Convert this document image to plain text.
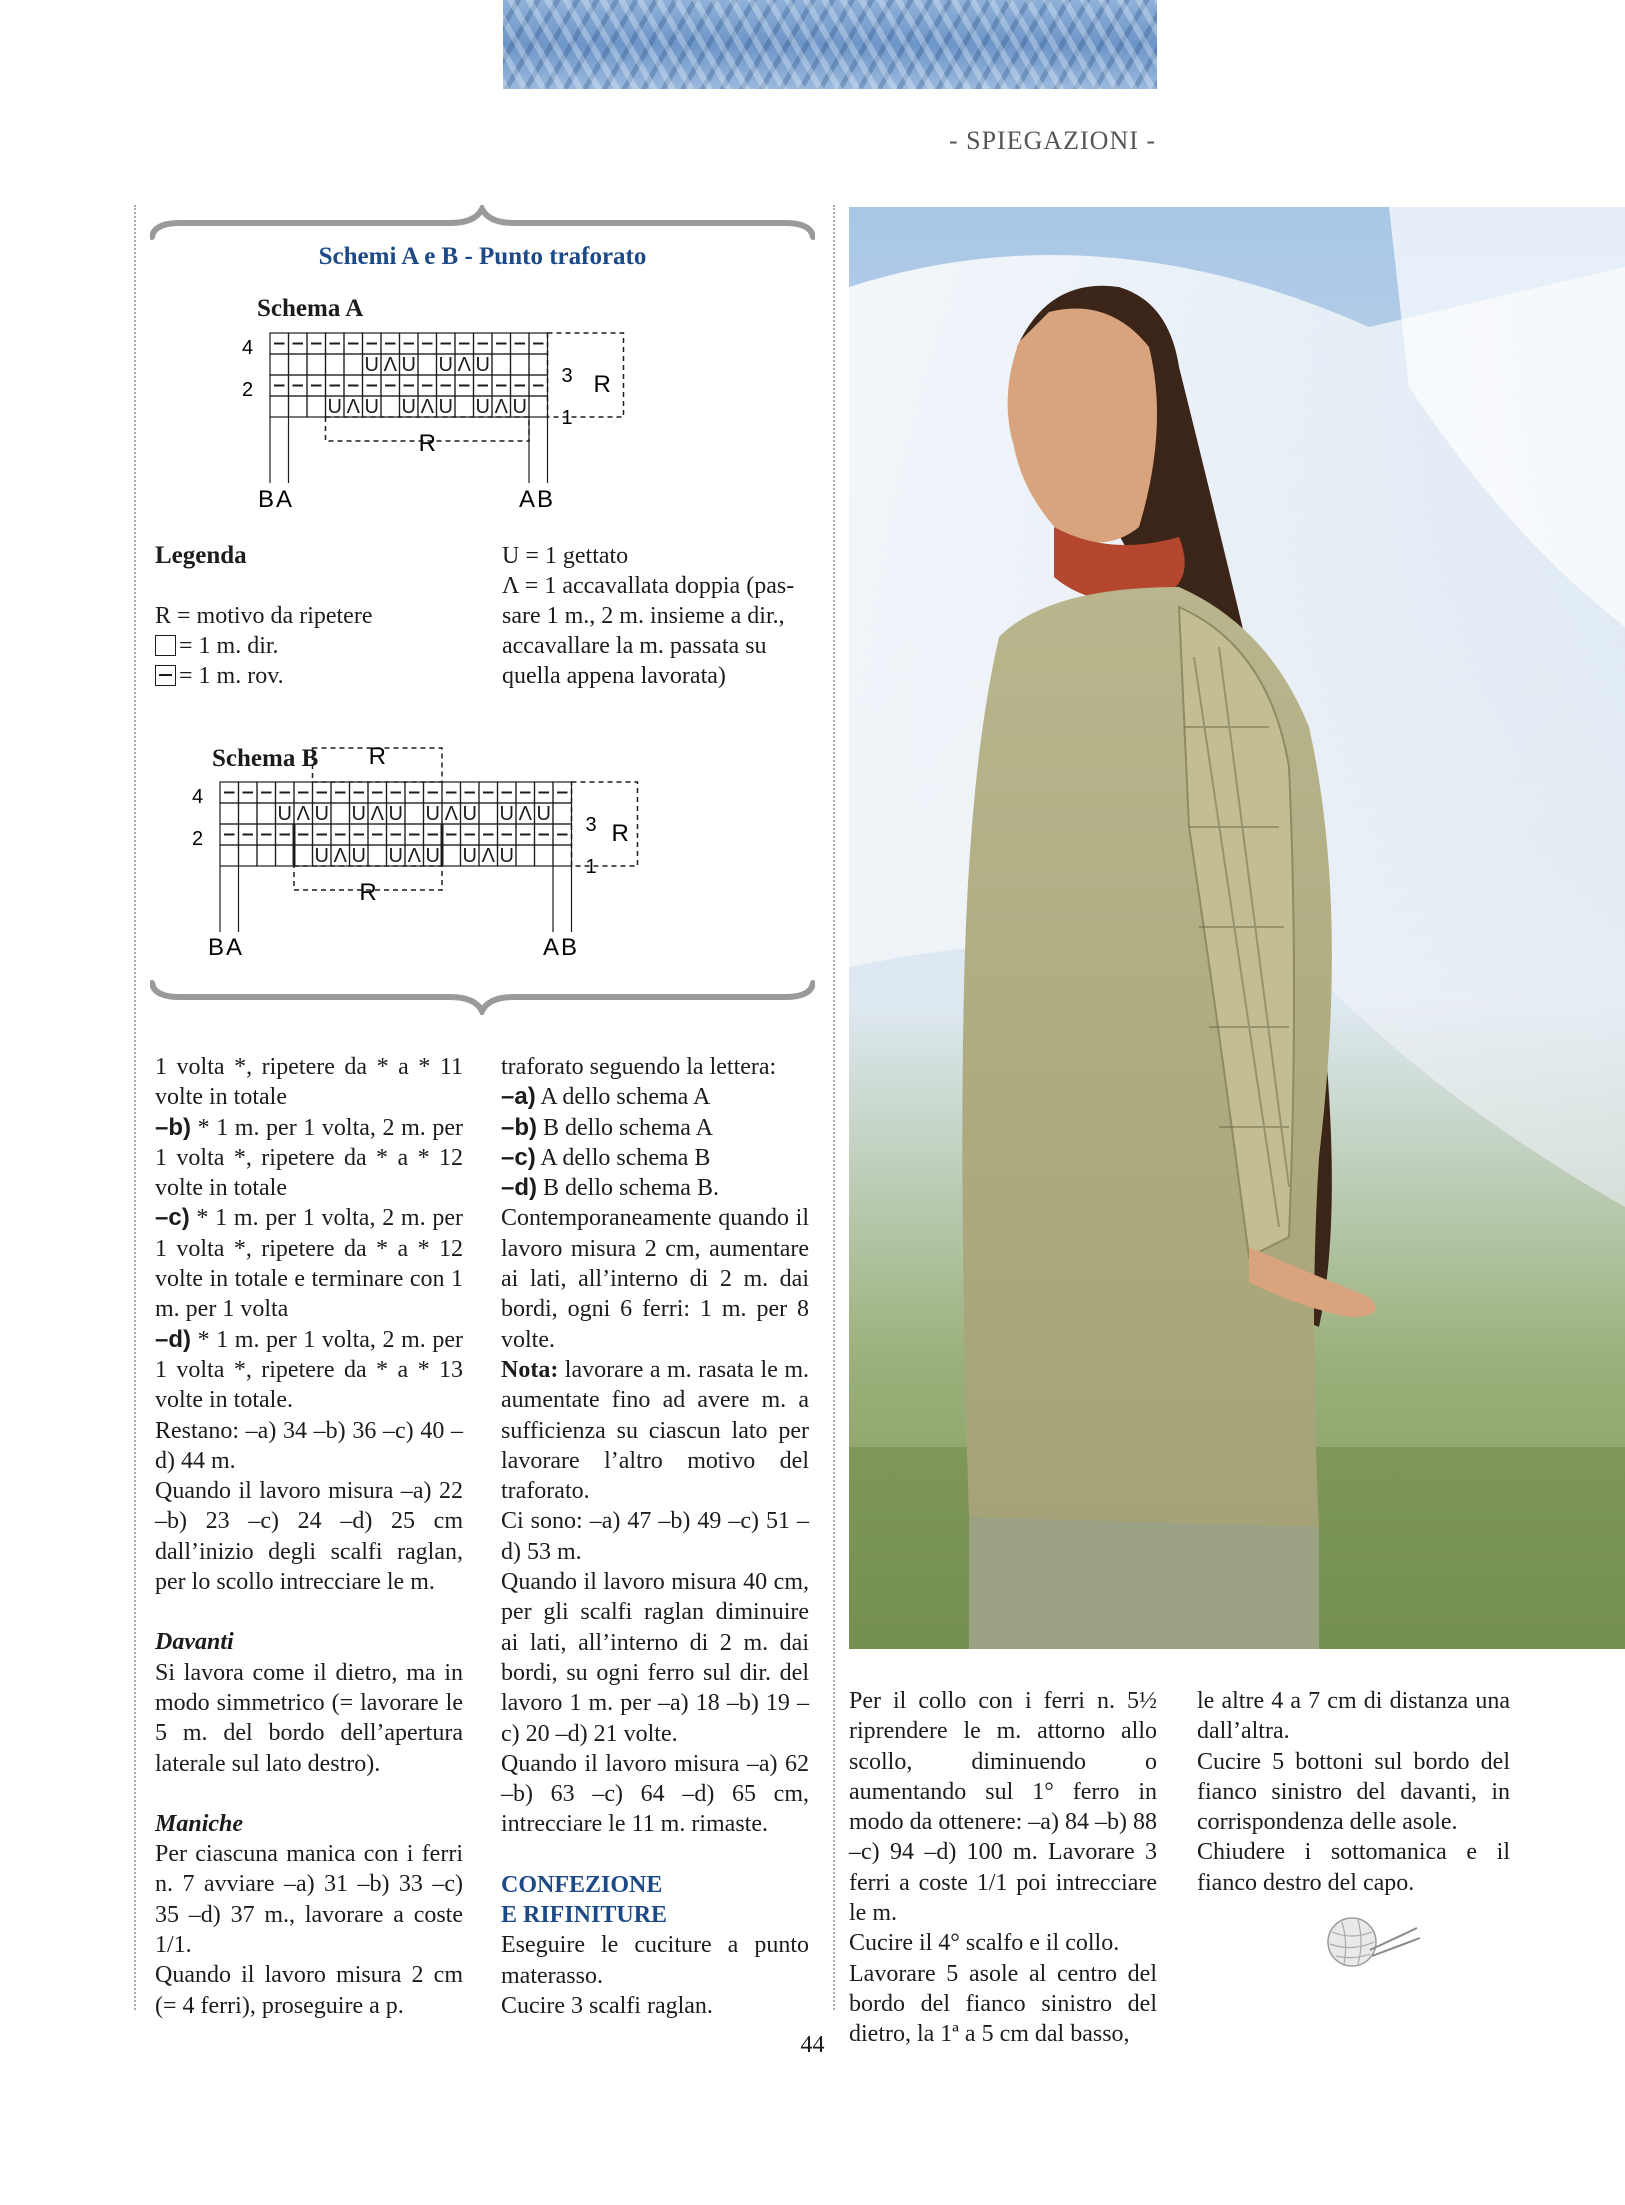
- SPIEGAZIONI -
Schemi A e B - Punto traforato
Schema A
U Λ U U Λ U
U Λ U U Λ U U Λ U
4
2
3
1
R
R
BA	AB
Legenda
R = motivo da ripetere
= 1 m. dir.
= 1 m. rov.
U = 1 gettato
Λ = 1 accavallata doppia (pas-
sare 1 m., 2 m. insieme a dir.,
accavallare la m. passata su
quella appena lavorata)
Schema B
U Λ U U Λ U U Λ U U Λ U
U Λ U U Λ U U Λ U
4
2
3
1
R
R
R
BA	AB

1 volta *, ripetere da * a * 11 volte in totale

–b) * 1 m. per 1 volta, 2 m. per 1 volta *, ripetere da * a * 12 volte in totale

–c) * 1 m. per 1 volta, 2 m. per 1 volta *, ripetere da * a * 12 volte in totale e terminare con 1 m. per 1 volta

–d) * 1 m. per 1 volta, 2 m. per 1 volta *, ripetere da * a * 13 volte in totale.

Restano: –a) 34 –b) 36 –c) 40 –d) 44 m.

Quando il lavoro misura –a) 22 –b) 23 –c) 24 –d) 25 cm dall’inizio degli scalfi raglan, per lo scollo intrecciare le m.

Davanti

Si lavora come il dietro, ma in modo simmetrico (= lavorare le 5 m. del bordo dell’apertura laterale sul lato destro).

Maniche

Per ciascuna manica con i ferri n. 7 avviare –a) 31 –b) 33 –c) 35 –d) 37 m., lavorare a coste 1/1.

Quando il lavoro misura 2 cm (= 4 ferri), proseguire a p.

traforato seguendo la lettera:

–a) A dello schema A

–b) B dello schema A

–c) A dello schema B

–d) B dello schema B.

Contemporaneamente quando il lavoro misura 2 cm, aumentare ai lati, all’interno di 2 m. dai bordi, ogni 6 ferri: 1 m. per 8 volte.

Nota: lavorare a m. rasata le m. aumentate fino ad avere m. a sufficienza su ciascun lato per lavorare l’altro motivo del traforato.

Ci sono: –a) 47 –b) 49 –c) 51 –d) 53 m.

Quando il lavoro misura 40 cm, per gli scalfi raglan diminuire ai lati, all’interno di 2 m. dai bordi, su ogni ferro sul dir. del lavoro 1 m. per –a) 18 –b) 19 –c) 20 –d) 21 volte.

Quando il lavoro misura –a) 62 –b) 63 –c) 64 –d) 65 cm, intrecciare le 11 m. rimaste.

CONFEZIONE

E RIFINITURE

Eseguire le cuciture a punto materasso.

Cucire 3 scalfi raglan.

Per il collo con i ferri n. 5½ riprendere le m. attorno allo scollo, diminuendo o aumentando sul 1° ferro in modo da ottenere: –a) 84 –b) 88 –c) 94 –d) 100 m. Lavorare 3 ferri a coste 1/1 poi intrecciare le m.

Cucire il 4° scalfo e il collo.

Lavorare 5 asole al centro del bordo del fianco sinistro del dietro, la 1ª a 5 cm dal basso,

le altre 4 a 7 cm di distanza una dall’altra.

Cucire 5 bottoni sul bordo del fianco sinistro del davanti, in corrispondenza delle asole.

Chiudere i sottomanica e il fianco destro del capo.

44
